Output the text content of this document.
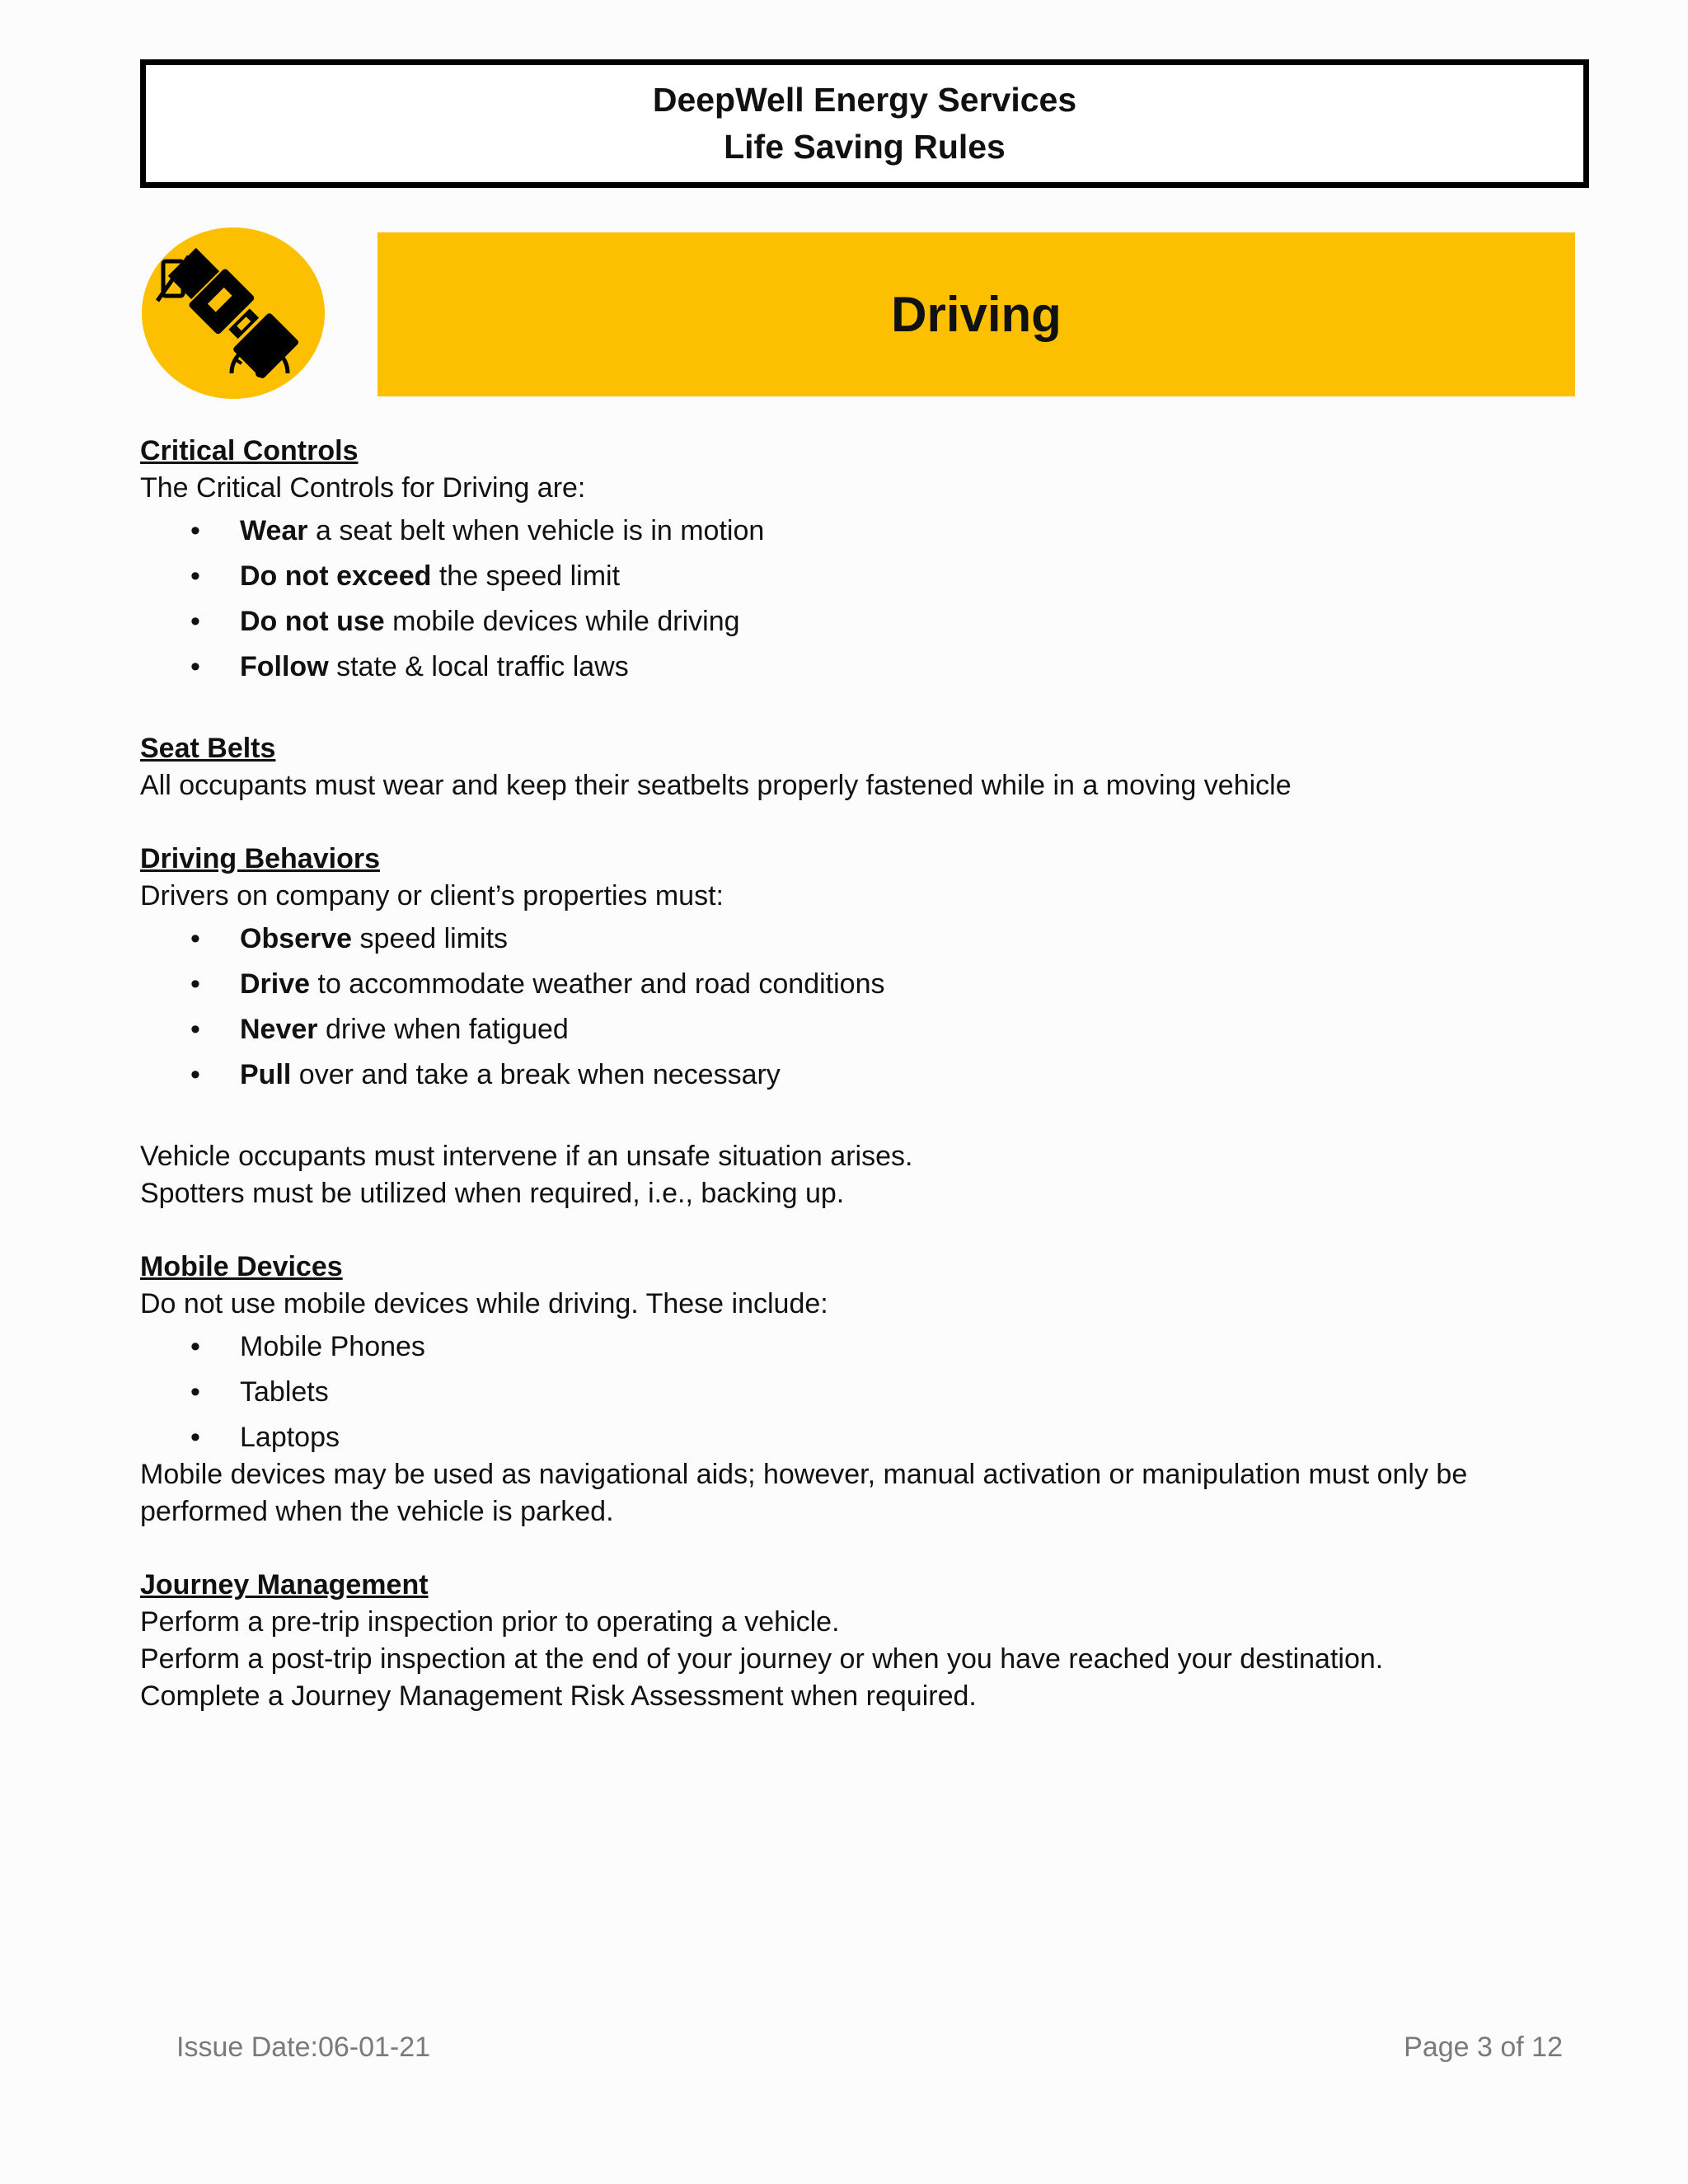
DeepWell Energy Services
Life Saving Rules
Driving

Critical Controls

The Critical Controls for Driving are:

• Wear a seat belt when vehicle is in motion
• Do not exceed the speed limit
• Do not use mobile devices while driving
• Follow state & local traffic laws

Seat Belts

All occupants must wear and keep their seatbelts properly fastened while in a moving vehicle

Driving Behaviors

Drivers on company or client’s properties must:

• Observe speed limits
• Drive to accommodate weather and road conditions
• Never drive when fatigued
• Pull over and take a break when necessary

Vehicle occupants must intervene if an unsafe situation arises.

Spotters must be utilized when required, i.e., backing up.

Mobile Devices

Do not use mobile devices while driving. These include:

• Mobile Phones
• Tablets
• Laptops

Mobile devices may be used as navigational aids; however, manual activation or manipulation must only be performed when the vehicle is parked.

Journey Management

Perform a pre-trip inspection prior to operating a vehicle.

Perform a post-trip inspection at the end of your journey or when you have reached your destination.

Complete a Journey Management Risk Assessment when required.

Issue Date:06-01-21	Page 3 of 12
